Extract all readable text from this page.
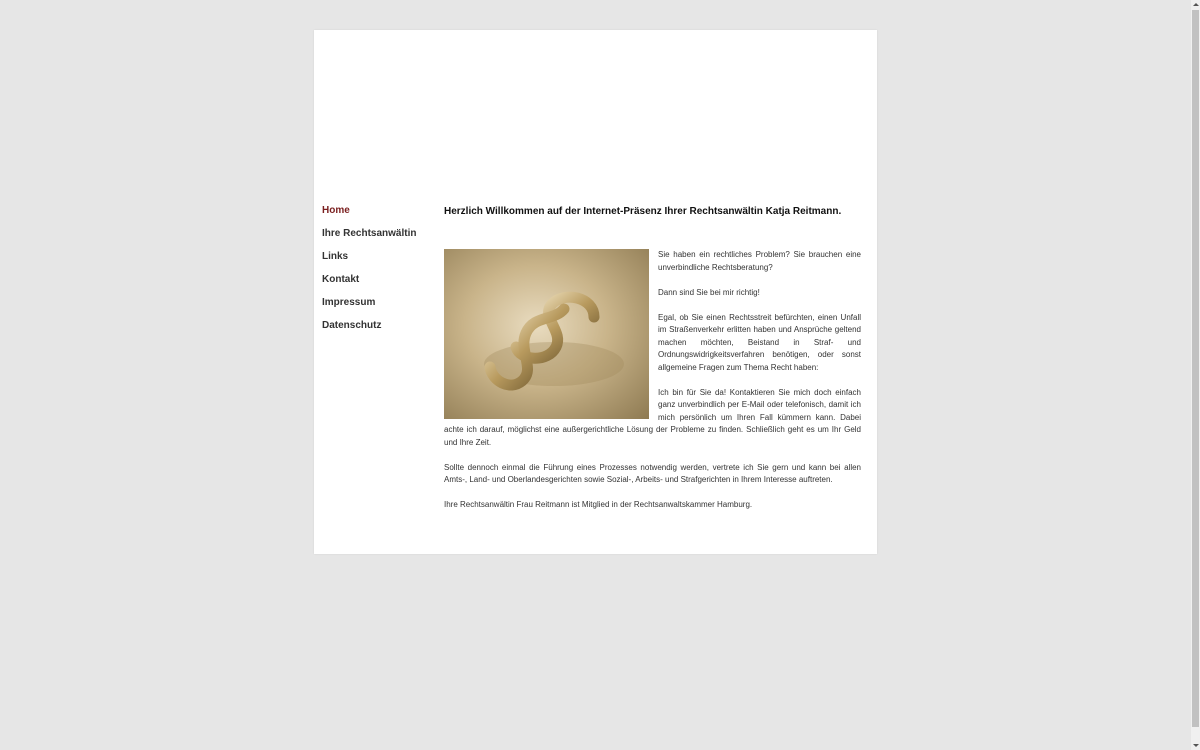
Home
Ihre Rechtsanwältin
Links
Kontakt
Impressum
Datenschutz
Herzlich Willkommen auf der Internet-Präsenz Ihrer Rechtsanwältin Katja Reitmann.

Sie haben ein rechtliches Problem? Sie brauchen eine unverbindliche Rechtsberatung?

Dann sind Sie bei mir richtig!

Egal, ob Sie einen Rechtsstreit befürchten, einen Unfall im Straßenverkehr erlitten haben und Ansprüche geltend machen möchten, Beistand in Straf- und Ordnungswidrigkeitsverfahren benötigen, oder sonst allgemeine Fragen zum Thema Recht haben:

Ich bin für Sie da! Kontaktieren Sie mich doch einfach ganz unverbindlich per E-Mail oder telefonisch, damit ich mich persönlich um Ihren Fall kümmern kann. Dabei achte ich darauf, möglichst eine außergerichtliche Lösung der Probleme zu finden. Schließlich geht es um Ihr Geld und Ihre Zeit.

Sollte dennoch einmal die Führung eines Prozesses notwendig werden, vertrete ich Sie gern und kann bei allen Amts-, Land- und Oberlandesgerichten sowie Sozial-, Arbeits- und Strafgerichten in Ihrem Interesse auftreten.

Ihre Rechtsanwältin Frau Reitmann ist Mitglied in der Rechtsanwaltskammer Hamburg.
